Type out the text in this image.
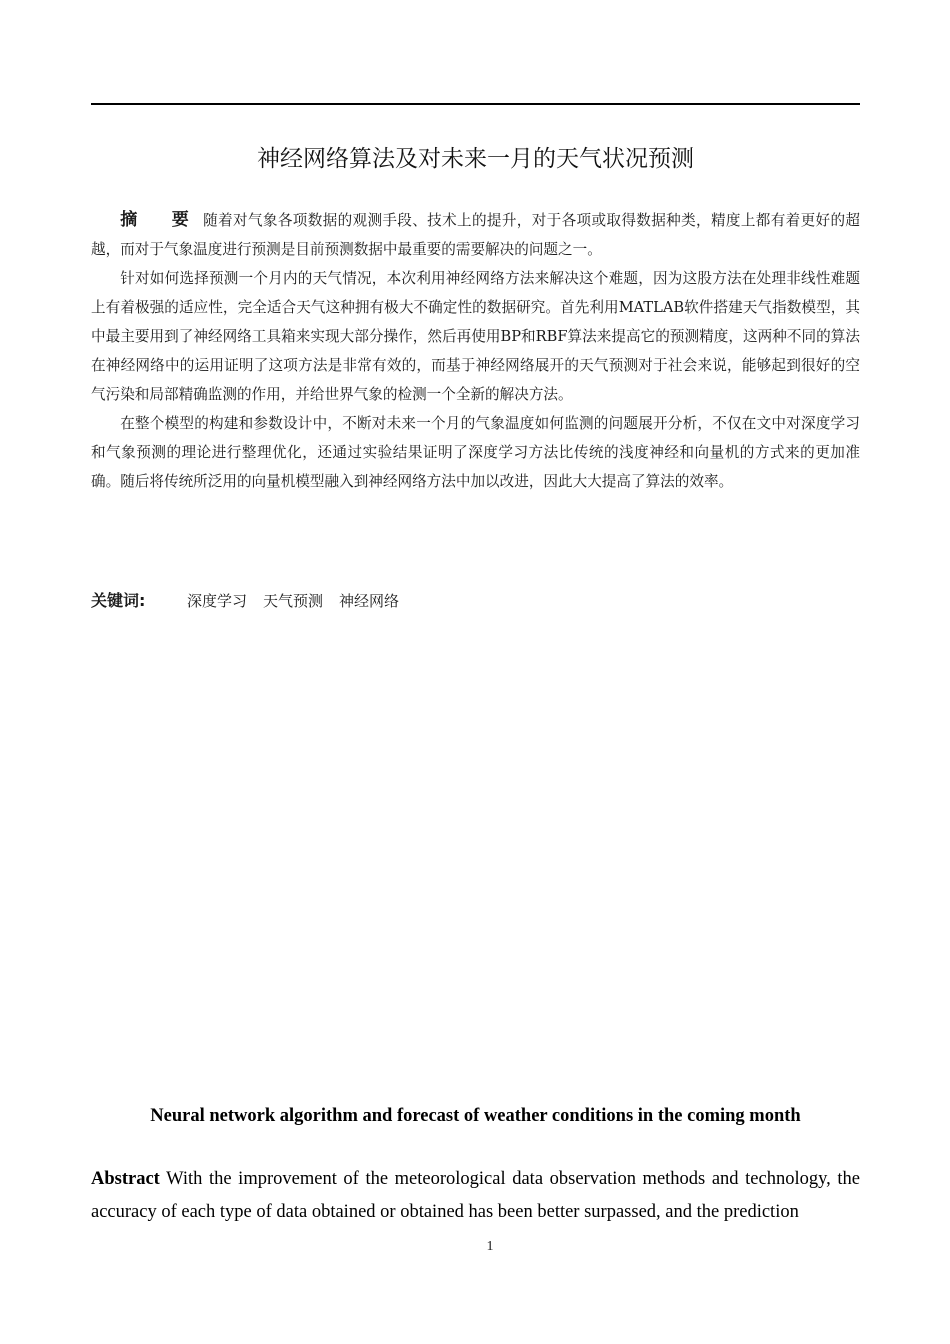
神经网络算法及对未来一月的天气状况预测

摘 要随着对气象各项数据的观测手段、技术上的提升，对于各项或取得数据种类，精度上都有着更好的超越，而对于气象温度进行预测是目前预测数据中最重要的需要解决的问题之一。

针对如何选择预测一个月内的天气情况，本次利用神经网络方法来解决这个难题，因为这股方法在处理非线性难题上有着极强的适应性，完全适合天气这种拥有极大不确定性的数据研究。首先利用MATLAB软件搭建天气指数模型，其中最主要用到了神经网络工具箱来实现大部分操作，然后再使用BP和RBF算法来提高它的预测精度，这两种不同的算法在神经网络中的运用证明了这项方法是非常有效的，而基于神经网络展开的天气预测对于社会来说，能够起到很好的空气污染和局部精确监测的作用，并给世界气象的检测一个全新的解决方法。

在整个模型的构建和参数设计中，不断对未来一个月的气象温度如何监测的问题展开分析，不仅在文中对深度学习和气象预测的理论进行整理优化，还通过实验结果证明了深度学习方法比传统的浅度神经和向量机的方式来的更加准确。随后将传统所泛用的向量机模型融入到神经网络方法中加以改进，因此大大提高了算法的效率。

关键词:	深度学习 天气预测 神经网络
Neural network algorithm and forecast of weather conditions in the coming month

Abstract With the improvement of the meteorological data observation methods and technology, the accuracy of each type of data obtained or obtained has been better surpassed, and the prediction

1
